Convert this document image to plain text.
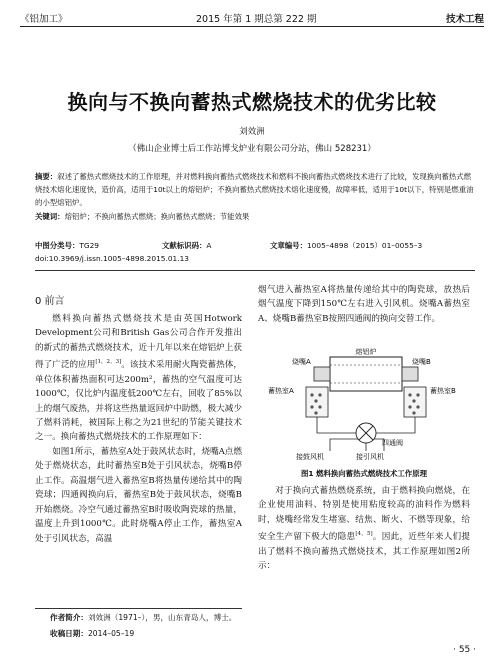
《铝加工》	2015 年第 1 期总第 222 期	技术工程
换向与不换向蓄热式燃烧技术的优劣比较
刘效洲
（佛山企业博士后工作站博戈炉业有限公司分站，佛山 528231）
摘要：叙述了蓄热式燃烧技术的工作原理，并对燃料换向蓄热式燃烧技术和燃料不换向蓄热式燃烧技术进行了比较，发现换向蓄热式燃烧技术熔化速度快，造价高，适用于10t以上的熔铝炉；不换向蓄热式燃烧技术熔化速度慢，故障率低，适用于10t以下，特别是燃重油的小型熔铝炉。
关键词：熔铝炉；不换向蓄热式燃烧；换向蓄热式燃烧；节能效果
中图分类号：TG29	文献标识码：A	文章编号：1005–4898（2015）01–0055–3
doi:10.3969/j.issn.1005–4898.2015.01.13
0 前言

燃料换向蓄热式燃烧技术是由英国Hotwork Development公司和British Gas公司合作开发推出的新式的蓄热式燃烧技术，近十几年以来在熔铝炉上获得了广泛的应用[1，2，3]。该技术采用耐火陶瓷蓄热体，单位体积蓄热面积可达200m²，蓄热的空气温度可达1000℃，仅比炉内温度低200℃左右，回收了85%以上的烟气废热，并将这些热量返回炉中助燃，极大减少了燃料消耗，被国际上称之为21世纪的节能关键技术之一。换向蓄热式燃烧技术的工作原理如下：

如图1所示，蓄热室A处于鼓风状态时，烧嘴A点燃处于燃烧状态，此时蓄热室B处于引风状态，烧嘴B停止工作。高温烟气进入蓄热室B将热量传递给其中的陶瓷球；四通阀换向后，蓄热室B处于鼓风状态，烧嘴B开始燃烧。冷空气通过蓄热室B时吸收陶瓷球的热量，温度上升到1000℃。此时烧嘴A停止工作，蓄热室A处于引风状态，高温

烟气进入蓄热室A将热量传递给其中的陶瓷球，放热后烟气温度下降到150℃左右进入引风机。烧嘴A蓄热室A、烧嘴B蓄热室B按照四通阀的换向交替工作。

熔铝炉
烧嘴A	烧嘴B
蓄热室A	蓄热室B
四通阀
接鼓风机	接引风机
图1 燃料换向蓄热式燃烧技术工作原理

对于换向式蓄热燃烧系统，由于燃料换向燃烧，在企业使用油料、特别是使用粘度较高的油料作为燃料时，烧嘴经常发生堵塞、结焦、断火、不燃等现象，给安全生产留下极大的隐患[4，5]。因此，近些年来人们提出了燃料不换向蓄热式燃烧技术，其工作原理如图2所示：

作者简介：刘效洲（1971–），男，山东青岛人，博士。
收稿日期：2014–05–19
· 55 ·
